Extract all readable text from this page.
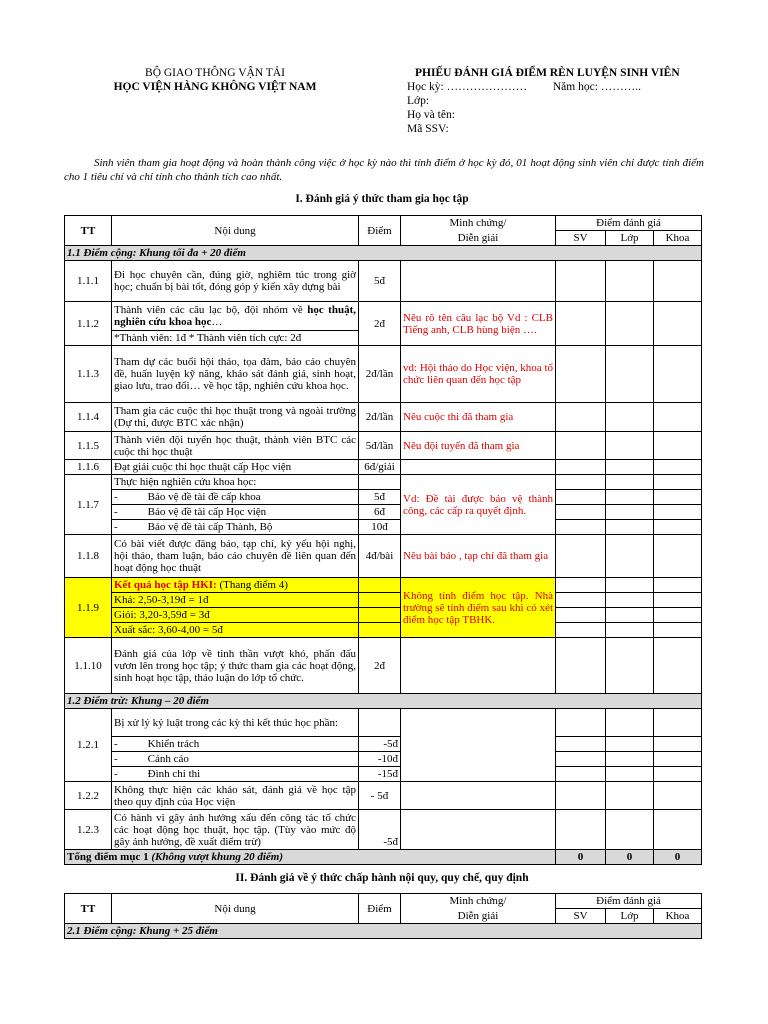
BỘ GIAO THÔNG VẬN TẢI
HỌC VIỆN HÀNG KHÔNG VIỆT NAM
PHIẾU ĐÁNH GIÁ ĐIỂM RÈN LUYỆN SINH VIÊN
Học kỳ: ………………… Năm học: ………..
Lớp:
Họ và tên:
Mã SSV:
Sinh viên tham gia hoạt động và hoàn thành công việc ở học kỳ nào thì tính điểm ở học kỳ đó, 01 hoạt động sinh viên chỉ được tính điểm cho 1 tiêu chí và chỉ tính cho thành tích cao nhất.
I. Đánh giá ý thức tham gia học tập
TT	Nội dung	Điểm	Minh chứng/	Điểm đánh giá		
			Diễn giải	SV	Lớp	Khoa
1.1 Điểm cộng: Khung tối đa + 20 điểm						
1.1.1	Đi học chuyên cần, đúng giờ, nghiêm túc trong giờ học; chuẩn bị bài tốt, đóng góp ý kiến xây dựng bài	5đ				
1.1.2	Thành viên các câu lạc bộ, đội nhóm về học thuật, nghiên cứu khoa học…	2đ	Nêu rõ tên câu lạc bộ Vd : CLB Tiếng anh, CLB hùng biện ….			
	*Thành viên: 1đ * Thành viên tích cực: 2đ					
1.1.3	Tham dự các buổi hội thảo, tọa đàm, báo cáo chuyên đề, huấn luyện kỹ năng, khảo sát đánh giá, sinh hoạt, giao lưu, trao đổi… về học tập, nghiên cứu khoa học.	2đ/lần	vd: Hội thảo do Học viện, khoa tổ chức liên quan đến học tập			
1.1.4	Tham gia các cuộc thi học thuật trong và ngoài trường (Dự thi, được BTC xác nhận)	2đ/lần	Nêu cuộc thi đã tham gia			
1.1.5	Thành viên đội tuyển học thuật, thành viên BTC các cuộc thi học thuật	5đ/lần	Nêu đội tuyển đã tham gia			
1.1.6	Đạt giải cuộc thi học thuật cấp Học viện	6đ/giải				
1.1.7	Thực hiện nghiên cứu khoa học:		Vd: Đề tài được bảo vệ thành công, các cấp ra quyết định.			
	- Bảo vệ đề tài đề cấp khoa	5đ				
	- Bảo vệ đề tài cấp Học viện	6đ				
	- Bảo vệ đề tài cấp Thành, Bộ	10đ				
1.1.8	Có bài viết được đăng báo, tạp chí, kỷ yếu hội nghị, hội thảo, tham luận, báo cáo chuyên đề liên quan đến hoạt động học thuật	4đ/bài	Nêu bài báo , tạp chí đã tham gia			
1.1.9	Kết quả học tập HKI: (Thang điểm 4)		Không tính điểm học tập. Nhà trường sẽ tính điểm sau khi có xét điểm học tập TBHK.			
	Khá: 2,50-3,19đ = 1đ					
	Giỏi: 3,20-3,59đ = 3đ					
	Xuất sắc: 3,60-4,00 = 5đ					
1.1.10	Đánh giá của lớp về tinh thần vượt khó, phấn đấu vươn lên trong học tập; ý thức tham gia các hoạt động, sinh hoạt học tập, thảo luận do lớp tổ chức.	2đ				
1.2 Điểm trừ: Khung – 20 điểm						
1.2.1	Bị xử lý kỷ luật trong các kỳ thi kết thúc học phần:					
	- Khiển trách	-5đ				
	- Cảnh cáo	-10đ				
	- Đình chỉ thi	-15đ				
1.2.2	Không thực hiện các khảo sát, đánh giá về học tập theo quy định của Học viện	- 5đ				
1.2.3	Có hành vi gây ảnh hưởng xấu đến công tác tổ chức các hoạt động học thuật, học tập. (Tùy vào mức độ gây ảnh hưởng, đề xuất điểm trừ)	-5đ				
Tổng điểm mục 1 (Không vượt khung 20 điểm)				0	0	0
II. Đánh giá về ý thức chấp hành nội quy, quy chế, quy định
TT	Nội dung	Điểm	Minh chứng/	Điểm đánh giá		
			Diễn giải	SV	Lớp	Khoa
2.1 Điểm cộng: Khung + 25 điểm						
